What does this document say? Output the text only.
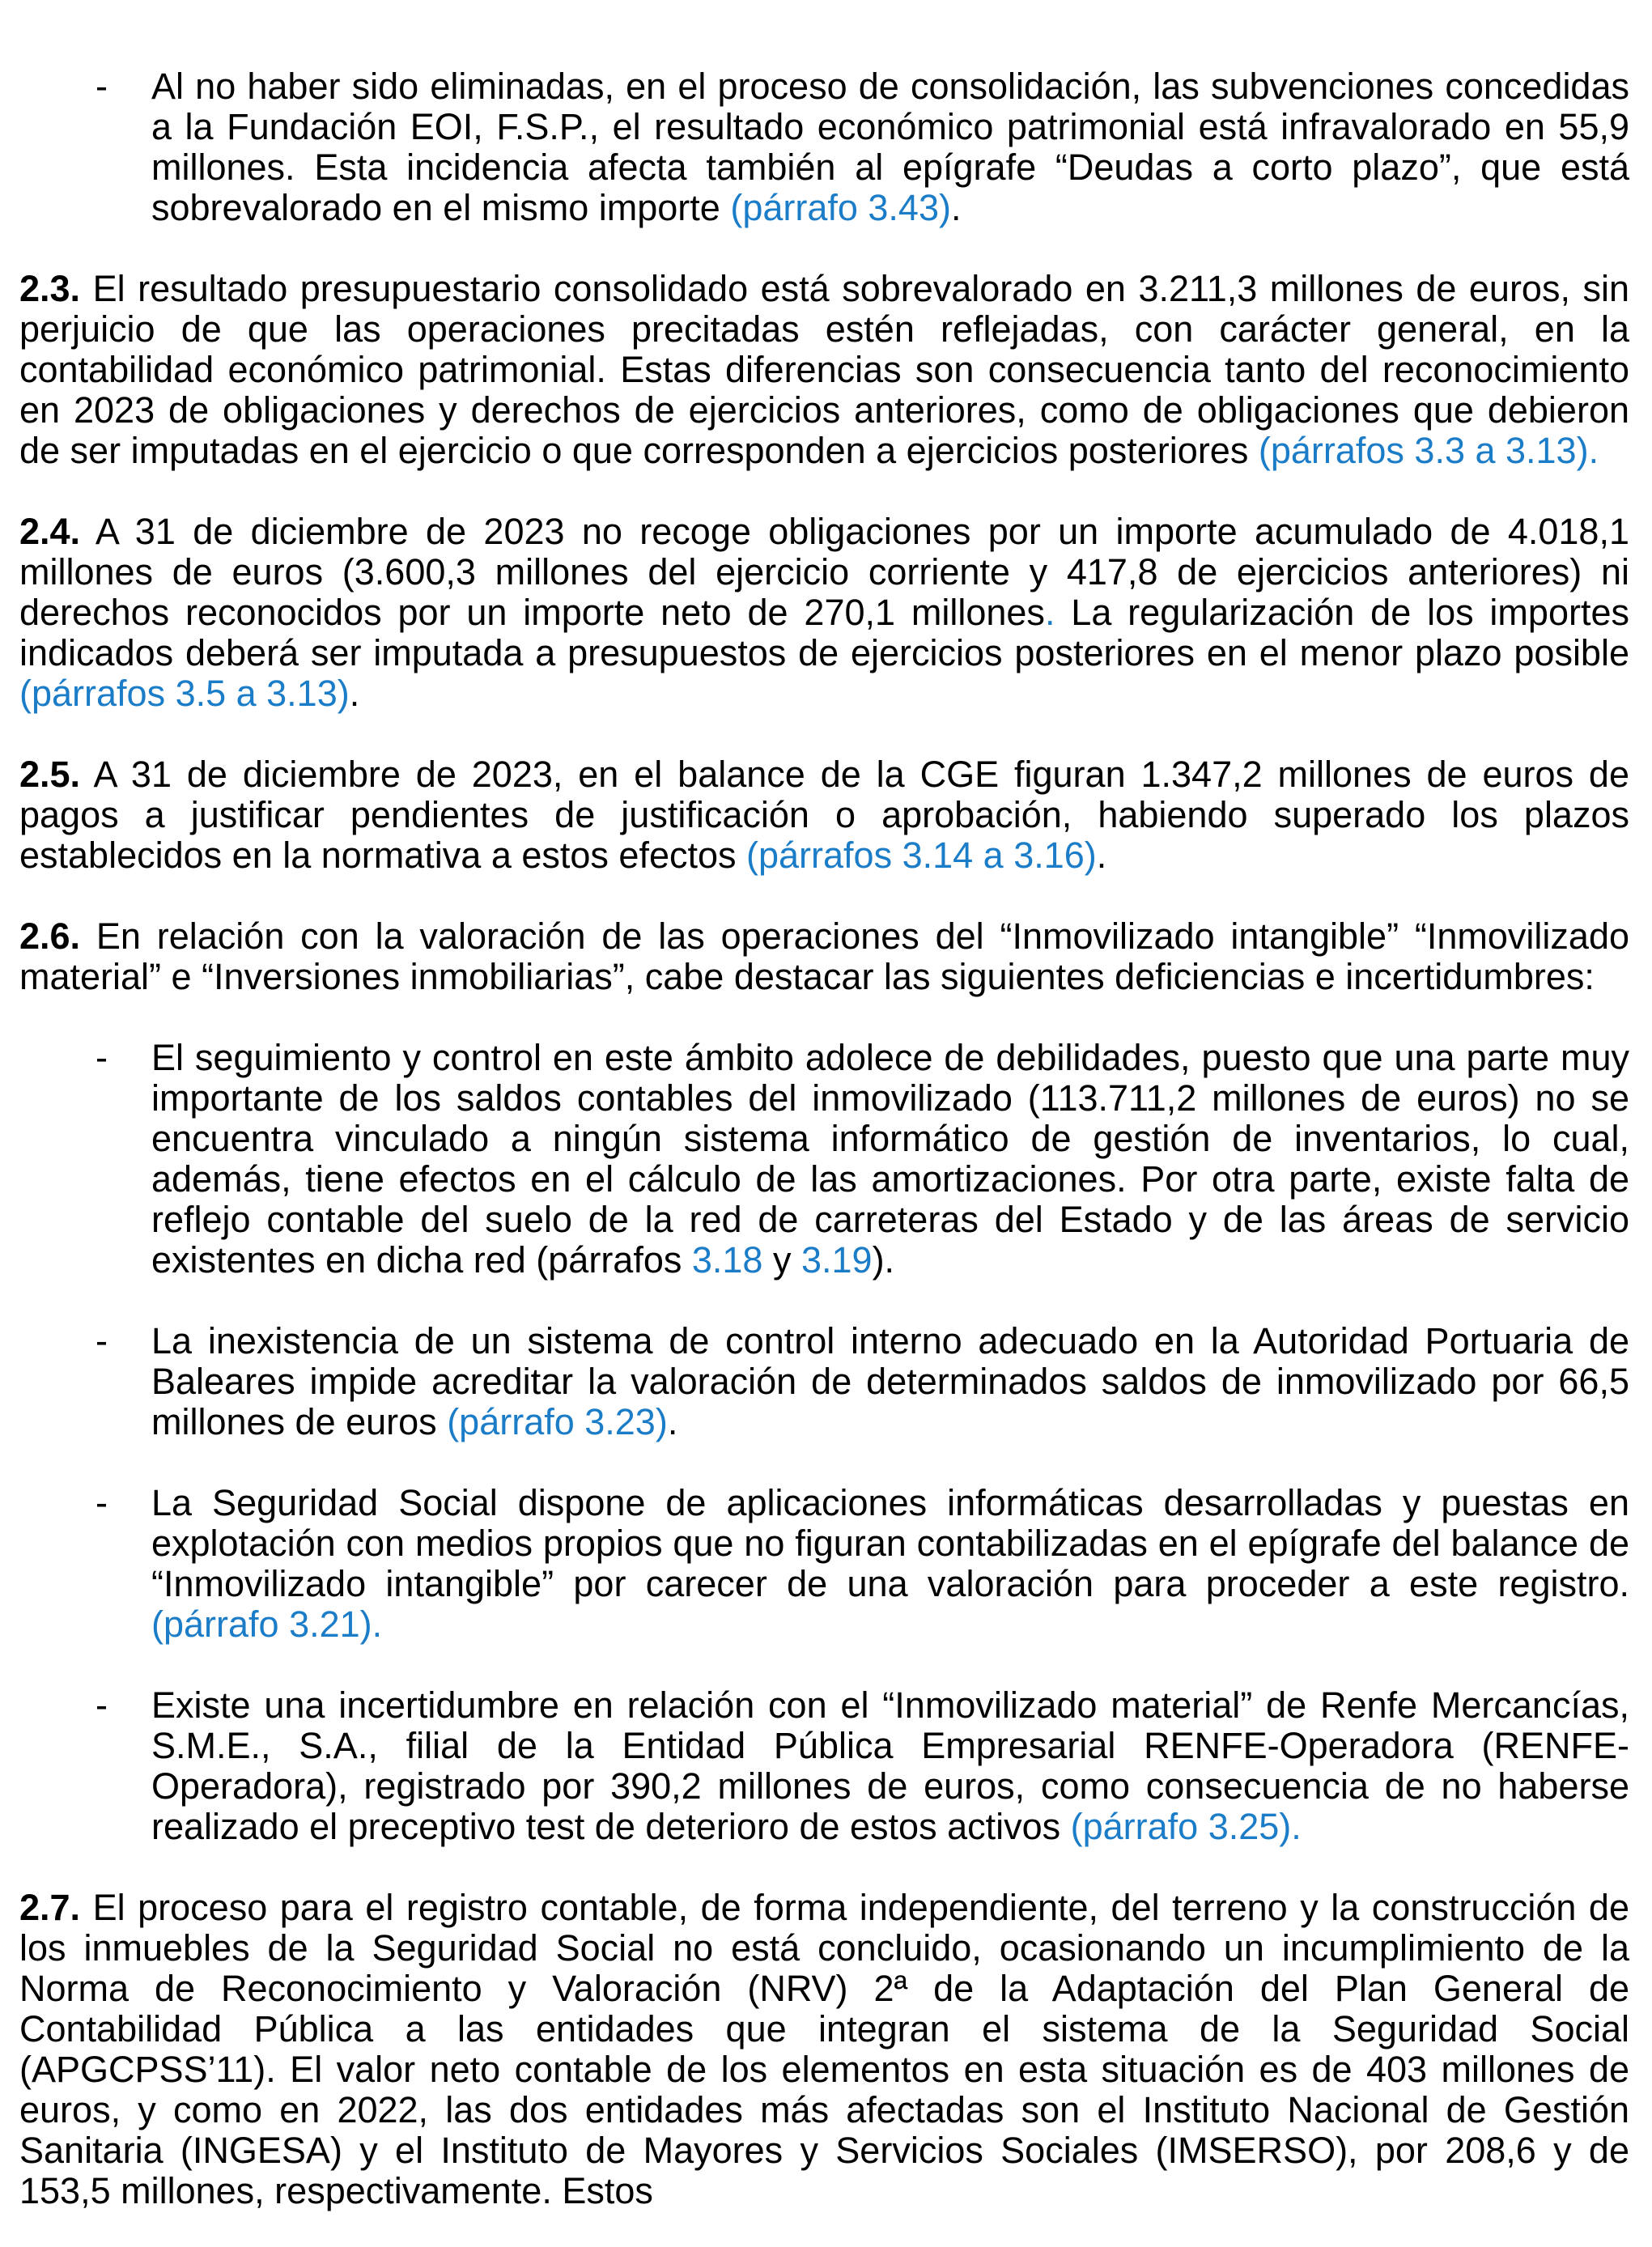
- Al no haber sido eliminadas, en el proceso de consolidación, las subvenciones concedidas a la Fundación EOI, F.S.P., el resultado económico patrimonial está infravalorado en 55,9 millones. Esta incidencia afecta también al epígrafe “Deudas a corto plazo”, que está sobrevalorado en el mismo importe (párrafo 3.43).
2.3. El resultado presupuestario consolidado está sobrevalorado en 3.211,3 millones de euros, sin perjuicio de que las operaciones precitadas estén reflejadas, con carácter general, en la contabilidad económico patrimonial. Estas diferencias son consecuencia tanto del reconocimiento en 2023 de obligaciones y derechos de ejercicios anteriores, como de obligaciones que debieron de ser imputadas en el ejercicio o que corresponden a ejercicios posteriores (párrafos 3.3 a 3.13).
2.4. A 31 de diciembre de 2023 no recoge obligaciones por un importe acumulado de 4.018,1 millones de euros (3.600,3 millones del ejercicio corriente y 417,8 de ejercicios anteriores) ni derechos reconocidos por un importe neto de 270,1 millones. La regularización de los importes indicados deberá ser imputada a presupuestos de ejercicios posteriores en el menor plazo posible (párrafos 3.5 a 3.13).
2.5. A 31 de diciembre de 2023, en el balance de la CGE figuran 1.347,2 millones de euros de pagos a justificar pendientes de justificación o aprobación, habiendo superado los plazos establecidos en la normativa a estos efectos (párrafos 3.14 a 3.16).
2.6. En relación con la valoración de las operaciones del “Inmovilizado intangible” “Inmovilizado material” e “Inversiones inmobiliarias”, cabe destacar las siguientes deficiencias e incertidumbres:
- El seguimiento y control en este ámbito adolece de debilidades, puesto que una parte muy importante de los saldos contables del inmovilizado (113.711,2 millones de euros) no se encuentra vinculado a ningún sistema informático de gestión de inventarios, lo cual, además, tiene efectos en el cálculo de las amortizaciones. Por otra parte, existe falta de reflejo contable del suelo de la red de carreteras del Estado y de las áreas de servicio existentes en dicha red (párrafos 3.18 y 3.19).
- La inexistencia de un sistema de control interno adecuado en la Autoridad Portuaria de Baleares impide acreditar la valoración de determinados saldos de inmovilizado por 66,5 millones de euros (párrafo 3.23).
- La Seguridad Social dispone de aplicaciones informáticas desarrolladas y puestas en explotación con medios propios que no figuran contabilizadas en el epígrafe del balance de “Inmovilizado intangible” por carecer de una valoración para proceder a este registro. (párrafo 3.21).
- Existe una incertidumbre en relación con el “Inmovilizado material” de Renfe Mercancías, S.M.E., S.A., filial de la Entidad Pública Empresarial RENFE-Operadora (RENFE-Operadora), registrado por 390,2 millones de euros, como consecuencia de no haberse realizado el preceptivo test de deterioro de estos activos (párrafo 3.25).
2.7. El proceso para el registro contable, de forma independiente, del terreno y la construcción de los inmuebles de la Seguridad Social no está concluido, ocasionando un incumplimiento de la Norma de Reconocimiento y Valoración (NRV) 2ª de la Adaptación del Plan General de Contabilidad Pública a las entidades que integran el sistema de la Seguridad Social (APGCPSS’11). El valor neto contable de los elementos en esta situación es de 403 millones de euros, y como en 2022, las dos entidades más afectadas son el Instituto Nacional de Gestión Sanitaria (INGESA) y el Instituto de Mayores y Servicios Sociales (IMSERSO), por 208,6 y de 153,5 millones, respectivamente. Estos
